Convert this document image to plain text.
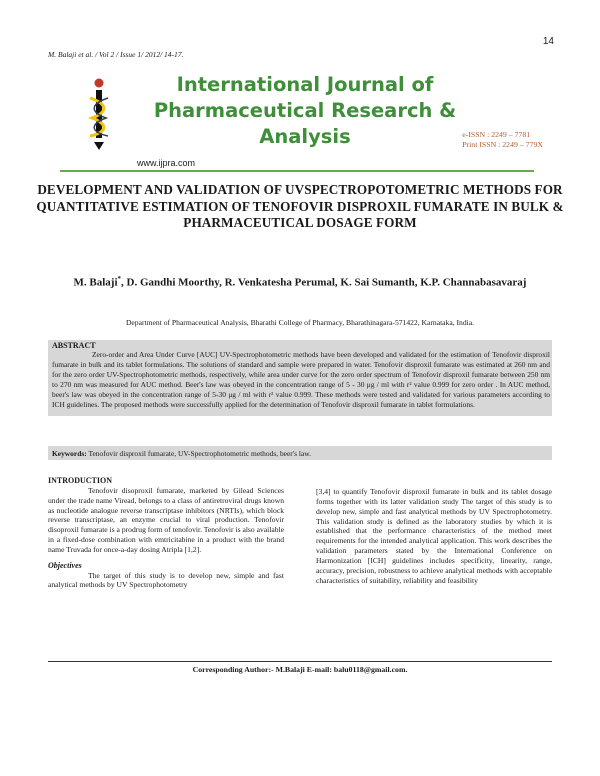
14
M. Balaji et al. / Vol 2 / Issue 1/ 2012/ 14-17.
International Journal of Pharmaceutical Research & Analysis	e-ISSN : 2249 – 7781
Print ISSN : 2249 – 779X
www.ijpra.com
DEVELOPMENT AND VALIDATION OF UVSPECTROPOTOMETRIC METHODS FOR QUANTITATIVE ESTIMATION OF TENOFOVIR DISPROXIL FUMARATE IN BULK & PHARMACEUTICAL DOSAGE FORM
M. Balaji*, D. Gandhi Moorthy, R. Venkatesha Perumal, K. Sai Sumanth, K.P. Channabasavaraj
Department of Pharmaceutical Analysis, Bharathi College of Pharmacy, Bharathinagara-571422, Karnataka, India.
ABSTRACT

Zero-order and Area Under Curve [AUC] UV-Spectrophotometric methods have been developed and validated for the estimation of Tenofovir disproxil fumarate in bulk and its tablet formulations. The solutions of standard and sample were prepared in water. Tenofovir disproxil fumarate was estimated at 260 nm and for the zero order UV-Spectrophotometric methods, respectively, while area under curve for the zero order spectrum of Tenofovir disproxil fumarate between 250 nm to 270 nm was measured for AUC method. Beer's law was obeyed in the concentration range of 5 - 30 μg / ml with r² value 0.999 for zero order . In AUC method, beer's law was obeyed in the concentration range of 5-30 μg / ml with r² value 0.999. These methods were tested and validated for various parameters according to ICH guidelines. The proposed methods were successfully applied for the determination of Tenofovir disproxil fumarate in tablet formulations.

Keywords: Tenofovir disproxil fumarate, UV-Spectrophotometric methods, beer's law.
INTRODUCTION

Tenofovir disoproxil fumarate, marketed by Gilead Sciences under the trade name Viread, belongs to a class of antiretroviral drugs known as nucleotide analogue reverse transcriptase inhibitors (NRTIs), which block reverse transcriptase, an enzyme crucial to viral production. Tenofovir disoproxil fumarate is a prodrug form of tenofovir. Tenofovir is also available in a fixed-dose combination with emtricitabine in a product with the brand name Truvada for once-a-day dosing Atripla [1,2].

Objectives

The target of this study is to develop new, simple and fast analytical methods by UV Spectrophotometry

[3,4] to quantify Tenofovir disproxil fumarate in bulk and its tablet dosage forms together with its latter validation study The target of this study is to develop new, simple and fast analytical methods by UV Spectrophotometry. This validation study is defined as the laboratory studies by which it is established that the performance characteristics of the method meet requirements for the intended analytical application. This work describes the validation parameters stated by the International Conference on Harmonization [ICH] guidelines includes specificity, linearity, range, accuracy, precision, robustness to achieve analytical methods with acceptable characteristics of suitability, reliability and feasibility

Corresponding Author:- M.Balaji E-mail: balu0118@gmail.com.
